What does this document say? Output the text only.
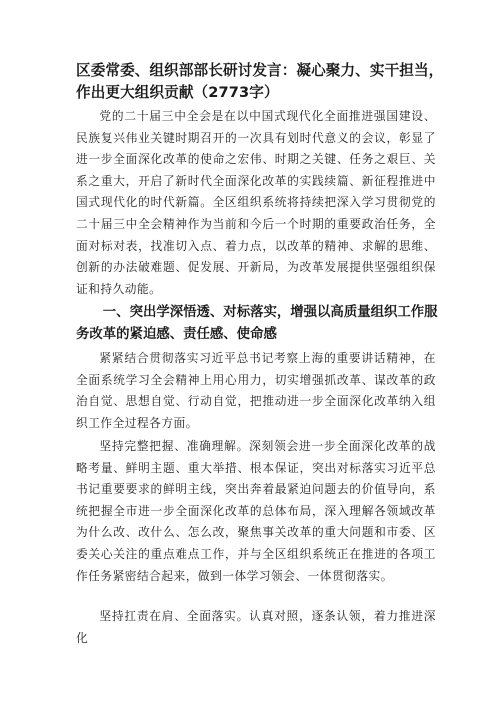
区委常委、组织部部长研讨发言：凝心聚力、实干担当，作出更大组织贡献（2773字）

党的二十届三中全会是在以中国式现代化全面推进强国建设、民族复兴伟业关键时期召开的一次具有划时代意义的会议，彰显了进一步全面深化改革的使命之宏伟、时期之关键、任务之艰巨、关系之重大，开启了新时代全面深化改革的实践续篇、新征程推进中国式现代化的时代新篇。全区组织系统将持续把深入学习贯彻党的二十届三中全会精神作为当前和今后一个时期的重要政治任务，全面对标对表，找准切入点、着力点，以改革的精神、求解的思维、创新的办法破难题、促发展、开新局，为改革发展提供坚强组织保证和持久动能。

一、突出学深悟透、对标落实，增强以高质量组织工作服务改革的紧迫感、责任感、使命感

紧紧结合贯彻落实习近平总书记考察上海的重要讲话精神，在全面系统学习全会精神上用心用力，切实增强抓改革、谋改革的政治自觉、思想自觉、行动自觉，把推动进一步全面深化改革纳入组织工作全过程各方面。

坚持完整把握、准确理解。深刻领会进一步全面深化改革的战略考量、鲜明主题、重大举措、根本保证，突出对标落实习近平总书记重要要求的鲜明主线，突出奔着最紧迫问题去的价值导向，系统把握全市进一步全面深化改革的总体布局，深入理解各领域改革为什么改、改什么、怎么改，聚焦事关改革的重大问题和市委、区委关心关注的重点难点工作，并与全区组织系统正在推进的各项工作任务紧密结合起来，做到一体学习领会、一体贯彻落实。

坚持扛责在肩、全面落实。认真对照，逐条认领，着力推进深化
